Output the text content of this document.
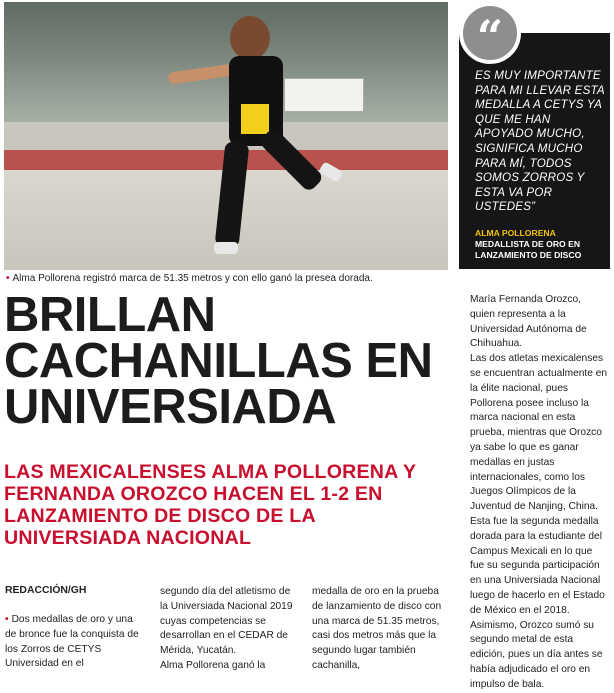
• Alma Pollorena registró marca de 51.35 metros y con ello ganó la presea dorada.
ES MUY IMPORTANTE PARA MI LLEVAR ESTA MEDALLA A CETYS YA QUE ME HAN APOYADO MUCHO, SIGNIFICA MUCHO PARA MÍ, TODOS SOMOS ZORROS Y ESTA VA POR USTEDES”
ALMA POLLORENA
MEDALLISTA DE ORO EN LANZAMIENTO DE DISCO
“
BRILLAN CACHANILLAS EN UNIVERSIADA
LAS MEXICALENSES ALMA POLLORENA Y FERNANDA OROZCO HACEN EL 1-2 EN LANZAMIENTO DE DISCO DE LA UNIVERSIADA NACIONAL
REDACCIÓN/GH

• Dos medallas de oro y una de bronce fue la conquista de los Zorros de CETYS Universidad en el

segundo día del atletismo de la Universiada Nacional 2019 cuyas competencias se desarrollan en el CEDAR de Mérida, Yucatán.

Alma Pollorena ganó la

medalla de oro en la prueba de lanzamiento de disco con una marca de 51.35 metros, casi dos metros más que la segundo lugar también cachanilla,

María Fernanda Orozco, quien representa a la Universidad Autónoma de Chihuahua.

Las dos atletas mexicalenses se encuentran actualmente en la élite nacional, pues Pollorena posee incluso la marca nacional en esta prueba, mientras que Orozco ya sabe lo que es ganar medallas en justas internacionales, como los Juegos Olímpicos de la Juventud de Nanjing, China.

Esta fue la segunda medalla dorada para la estudiante del Campus Mexicali en lo que fue su segunda participación en una Universiada Nacional luego de hacerlo en el Estado de México en el 2018.

Asimismo, Orozco sumó su segundo metal de esta edición, pues un día antes se había adjudicado el oro en impulso de bala.
